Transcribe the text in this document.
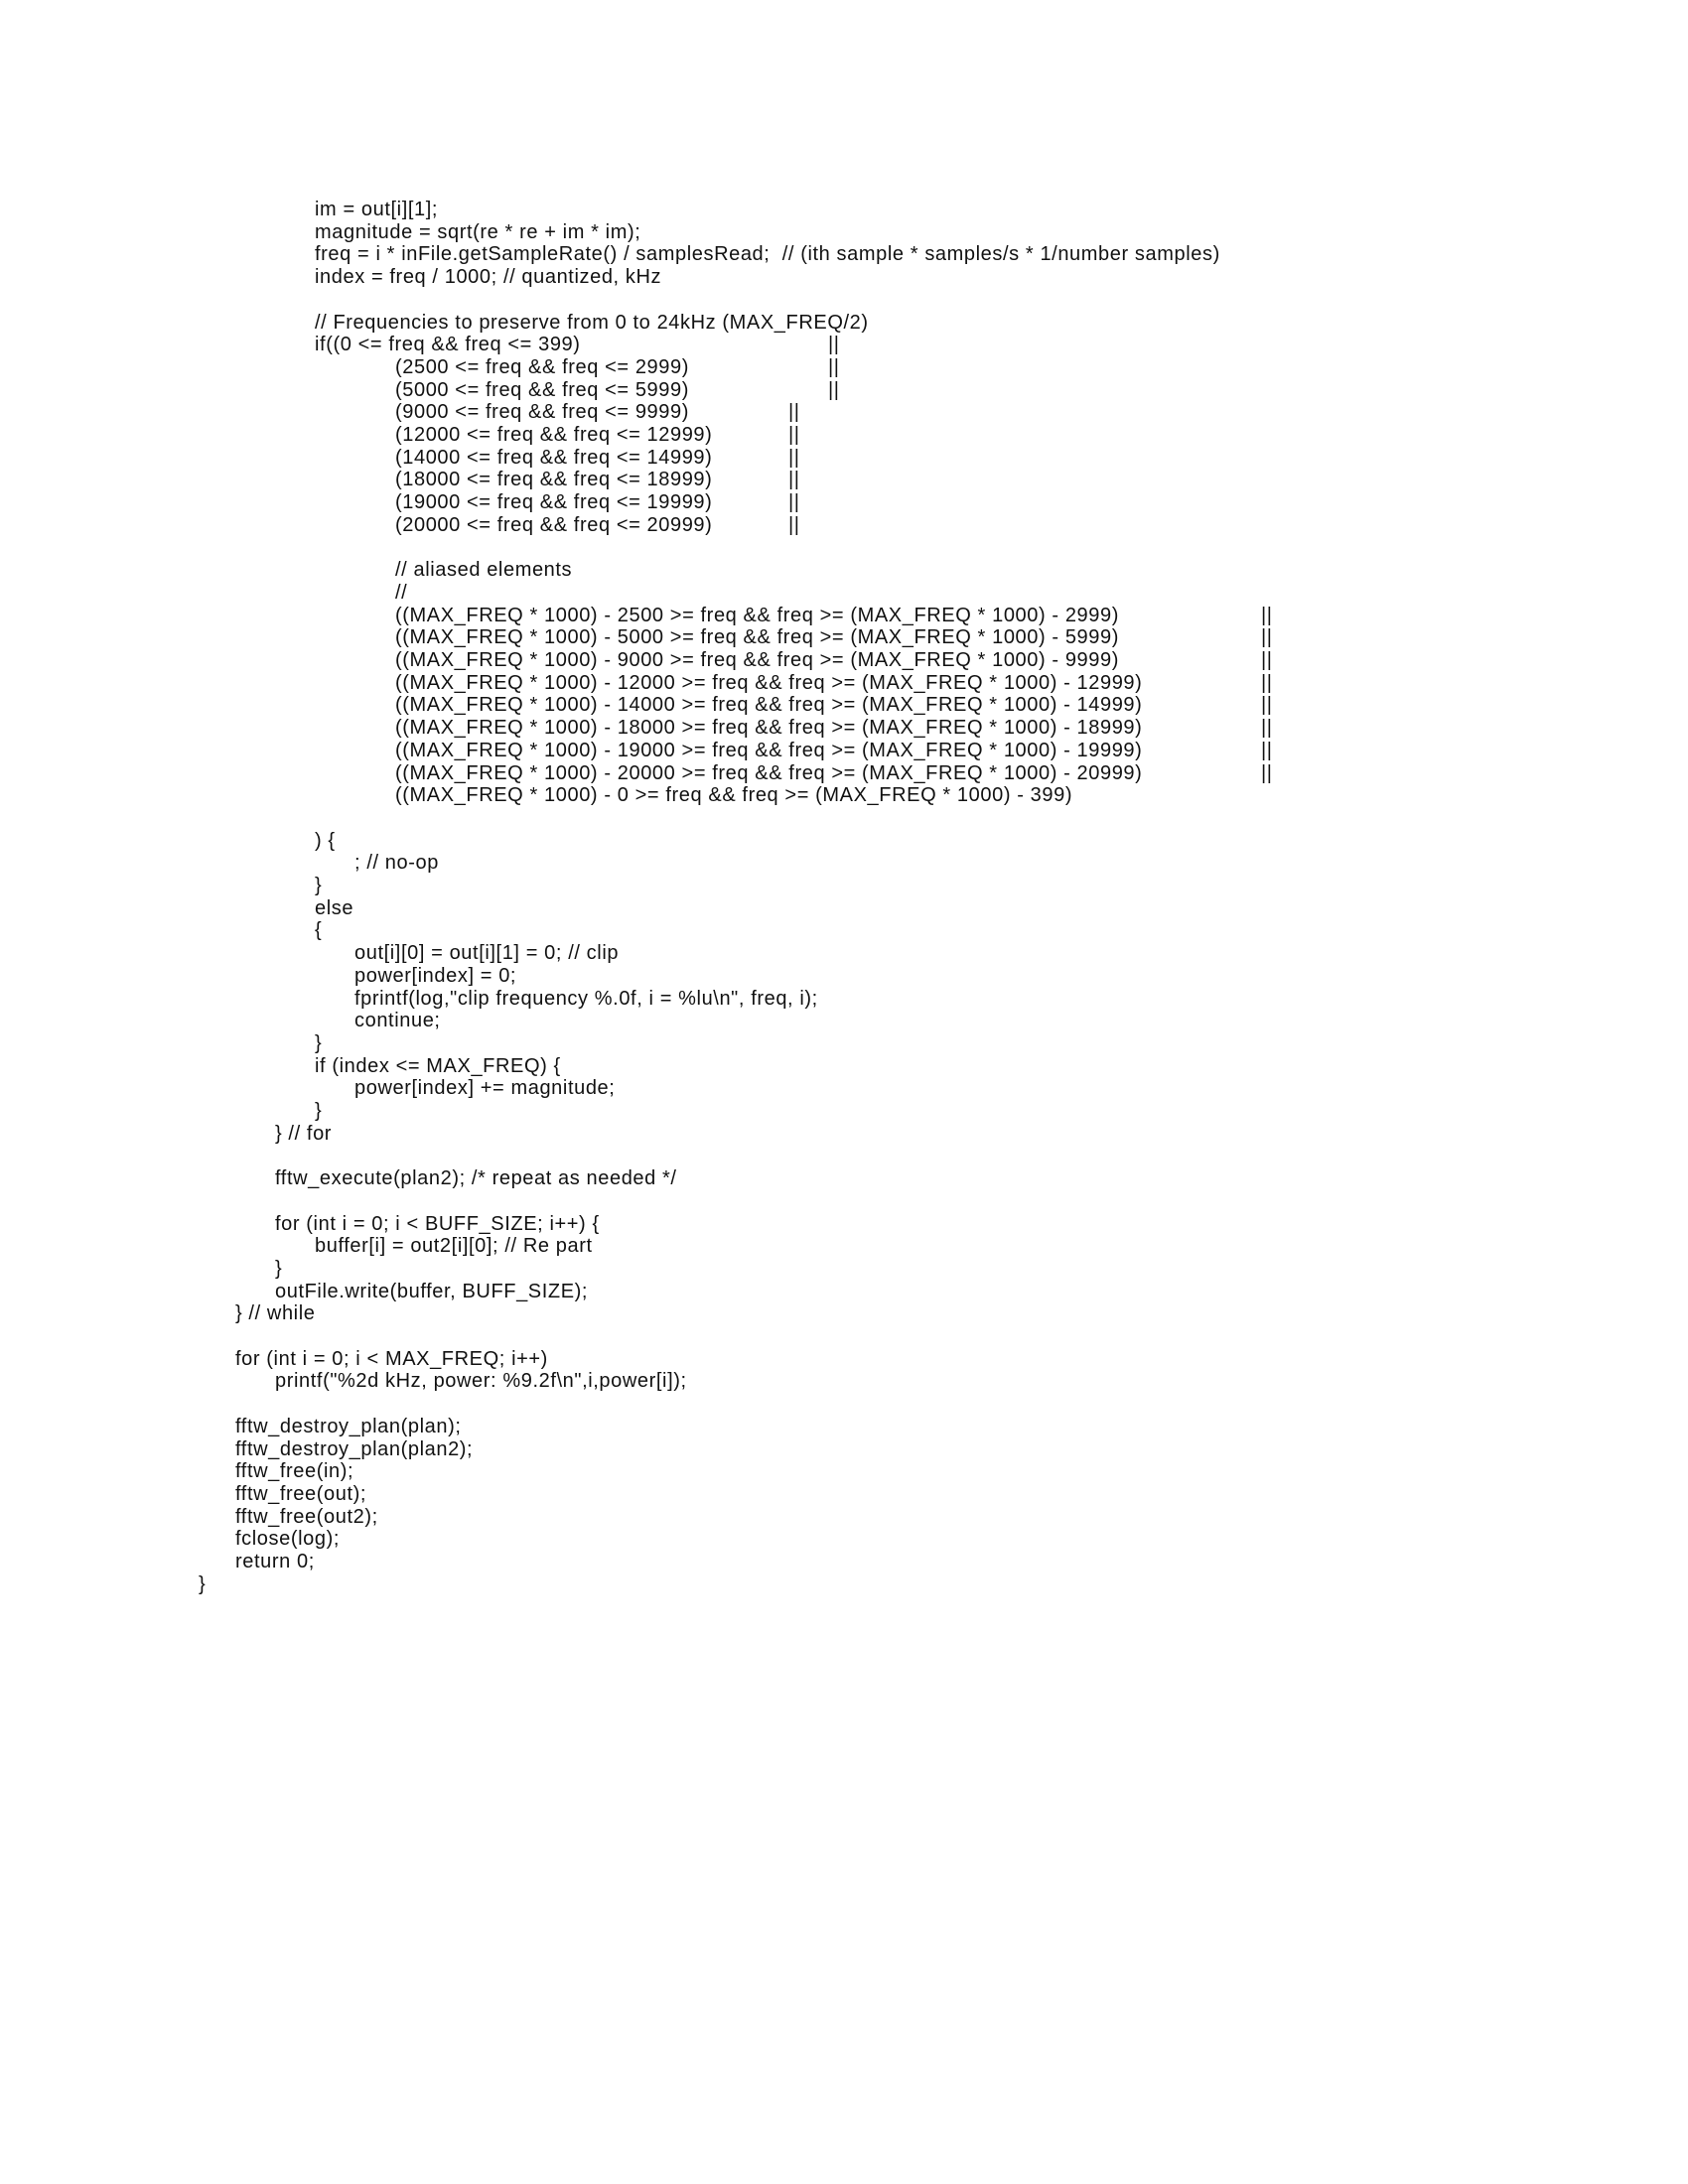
im = out[i][1];
magnitude = sqrt(re * re + im * im);
freq = i * inFile.getSampleRate() / samplesRead;  // (ith sample * samples/s * 1/number samples)
index = freq / 1000; // quantized, kHz
// Frequencies to preserve from 0 to 24kHz (MAX_FREQ/2)
if((0 <= freq && freq <= 399)	||
(2500 <= freq && freq <= 2999)	||
(5000 <= freq && freq <= 5999)	||
(9000 <= freq && freq <= 9999)	||
(12000 <= freq && freq <= 12999)	||
(14000 <= freq && freq <= 14999)	||
(18000 <= freq && freq <= 18999)	||
(19000 <= freq && freq <= 19999)	||
(20000 <= freq && freq <= 20999)	||
// aliased elements
//
((MAX_FREQ * 1000) - 2500 >= freq && freq >= (MAX_FREQ * 1000) - 2999)	||
((MAX_FREQ * 1000) - 5000 >= freq && freq >= (MAX_FREQ * 1000) - 5999)	||
((MAX_FREQ * 1000) - 9000 >= freq && freq >= (MAX_FREQ * 1000) - 9999)	||
((MAX_FREQ * 1000) - 12000 >= freq && freq >= (MAX_FREQ * 1000) - 12999)	||
((MAX_FREQ * 1000) - 14000 >= freq && freq >= (MAX_FREQ * 1000) - 14999)	||
((MAX_FREQ * 1000) - 18000 >= freq && freq >= (MAX_FREQ * 1000) - 18999)	||
((MAX_FREQ * 1000) - 19000 >= freq && freq >= (MAX_FREQ * 1000) - 19999)	||
((MAX_FREQ * 1000) - 20000 >= freq && freq >= (MAX_FREQ * 1000) - 20999)	||
((MAX_FREQ * 1000) - 0 >= freq && freq >= (MAX_FREQ * 1000) - 399)
) {
; // no-op
}
else
{
out[i][0] = out[i][1] = 0; // clip
power[index] = 0;
fprintf(log,"clip frequency %.0f, i = %lu\n", freq, i);
continue;
}
if (index <= MAX_FREQ) {
power[index] += magnitude;
}
} // for
fftw_execute(plan2); /* repeat as needed */
for (int i = 0; i < BUFF_SIZE; i++) {
buffer[i] = out2[i][0]; // Re part
}
outFile.write(buffer, BUFF_SIZE);
} // while
for (int i = 0; i < MAX_FREQ; i++)
printf("%2d kHz, power: %9.2f\n",i,power[i]);
fftw_destroy_plan(plan);
fftw_destroy_plan(plan2);
fftw_free(in);
fftw_free(out);
fftw_free(out2);
fclose(log);
return 0;
}
